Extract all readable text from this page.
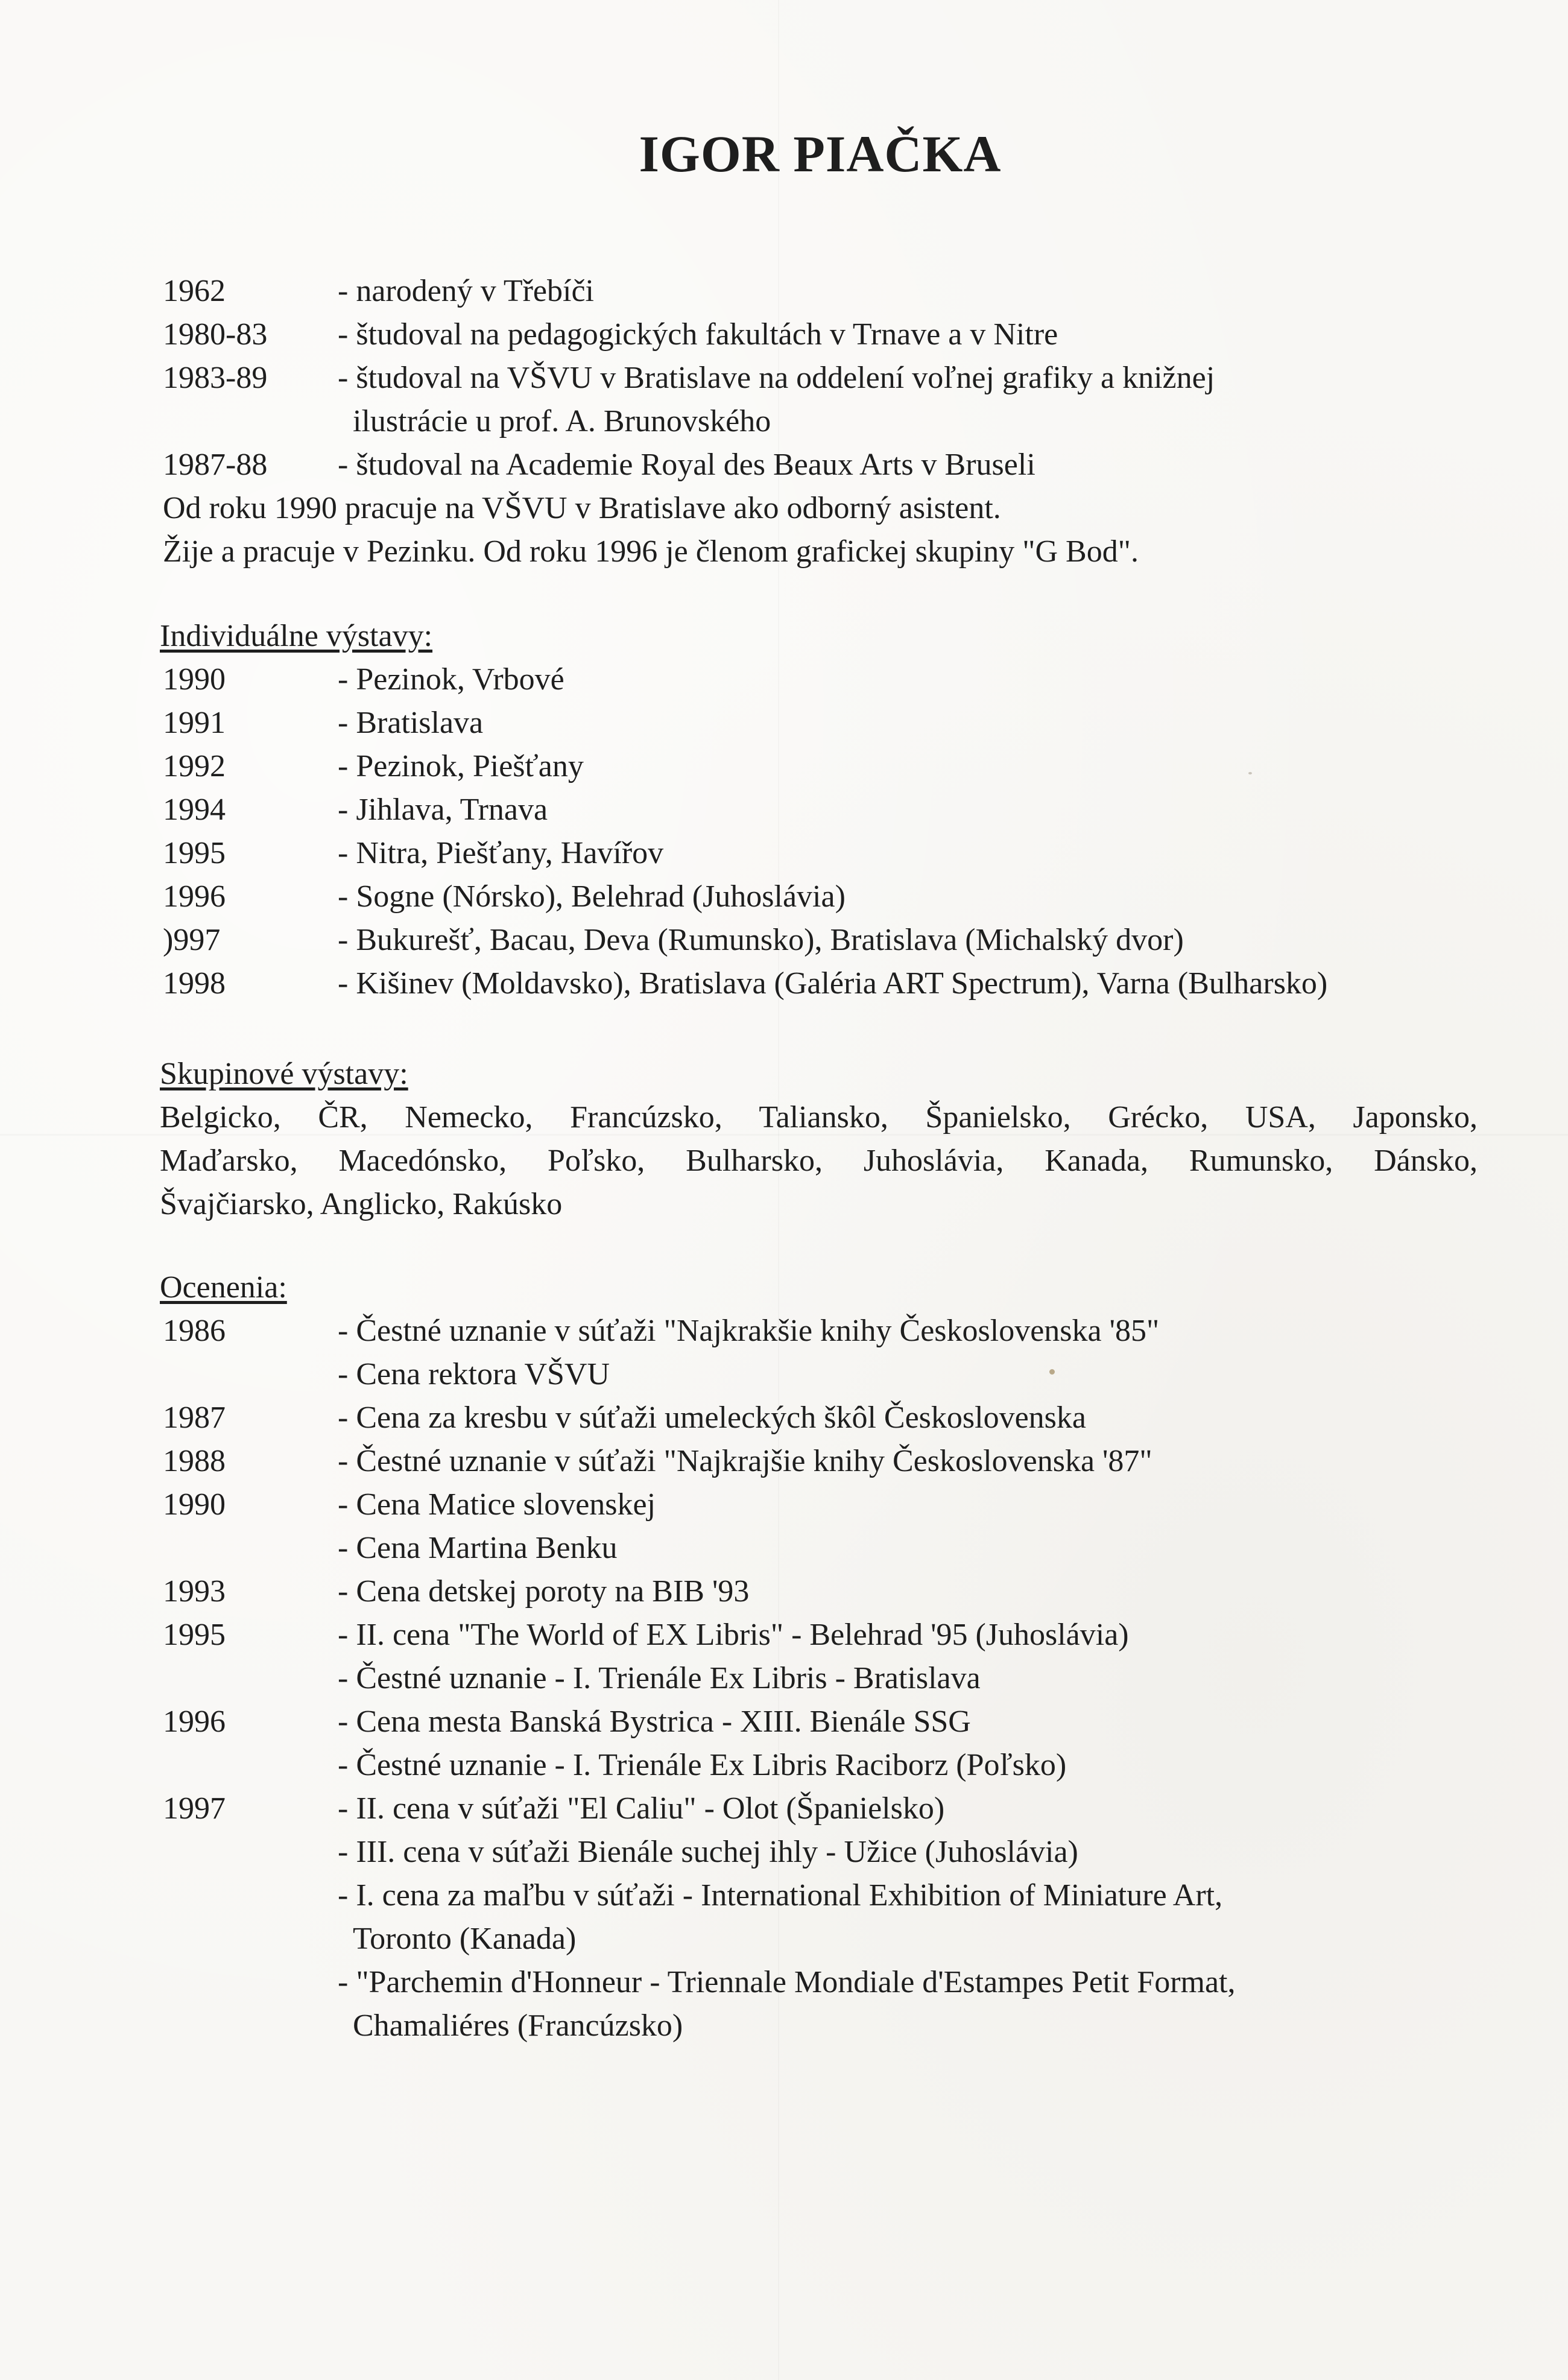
IGOR PIAČKA
1962	- narodený v Třebíči
1980-83 - študoval na pedagogických fakultách v Trnave a v Nitre
1983-89 - študoval na VŠVU v Bratislave na oddelení voľnej grafiky a knižnej
ilustrácie u prof. A. Brunovského
1987-88 - študoval na Academie Royal des Beaux Arts v Bruseli
Od roku 1990 pracuje na VŠVU v Bratislave ako odborný asistent.
Žije a pracuje v Pezinku. Od roku 1996 je členom grafickej skupiny "G Bod".
Individuálne výstavy:
1990	- Pezinok, Vrbové
1991	- Bratislava
1992	- Pezinok, Piešťany
1994	- Jihlava, Trnava
1995	- Nitra, Piešťany, Havířov
1996	- Sogne (Nórsko), Belehrad (Juhoslávia)
)997	- Bukurešť, Bacau, Deva (Rumunsko), Bratislava (Michalský dvor)
1998	- Kišinev (Moldavsko), Bratislava (Galéria ART Spectrum), Varna (Bulharsko)
Skupinové výstavy:
Belgicko, ČR, Nemecko, Francúzsko, Taliansko, Španielsko, Grécko, USA, Japonsko,
Maďarsko, Macedónsko, Poľsko, Bulharsko, Juhoslávia, Kanada, Rumunsko, Dánsko,
Švajčiarsko, Anglicko, Rakúsko
Ocenenia:
1986	- Čestné uznanie v súťaži "Najkrakšie knihy Československa '85"
- Cena rektora VŠVU
1987	- Cena za kresbu v súťaži umeleckých škôl Československa
1988	- Čestné uznanie v súťaži "Najkrajšie knihy Československa '87"
1990	- Cena Matice slovenskej
- Cena Martina Benku
1993	- Cena detskej poroty na BIB '93
1995	- II. cena "The World of EX Libris" - Belehrad '95 (Juhoslávia)
- Čestné uznanie - I. Trienále Ex Libris - Bratislava
1996	- Cena mesta Banská Bystrica - XIII. Bienále SSG
- Čestné uznanie - I. Trienále Ex Libris Raciborz (Poľsko)
1997	- II. cena v súťaži "El Caliu" - Olot (Španielsko)
- III. cena v súťaži Bienále suchej ihly - Užice (Juhoslávia)
- I. cena za maľbu v súťaži - International Exhibition of Miniature Art,
Toronto (Kanada)
- "Parchemin d'Honneur - Triennale Mondiale d'Estampes Petit Format,
Chamaliéres (Francúzsko)
